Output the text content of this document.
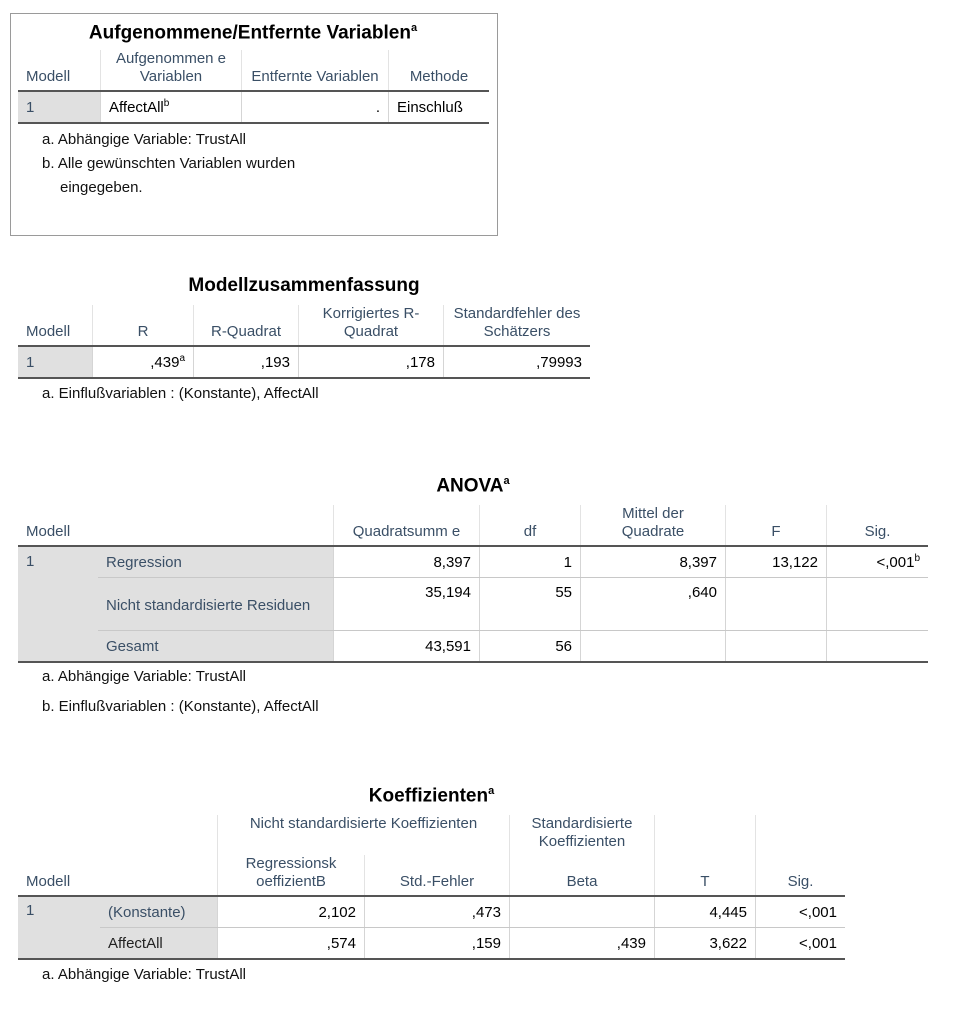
Aufgenommene/Entfernte Variablen$^a$
Modell	Aufgenommen e Variablen	Entfernte Variablen	Methode
1	AffectAll$^b$	.	Einschluß
a. Abhängige Variable: TrustAll
b. Alle gewünschten Variablen wurden eingegeben.
Modellzusammenfassung
Modell	R	R-Quadrat	Korrigiertes R-Quadrat	Standardfehler des Schätzers
1	,439$^a$	,193	,178	,79993
a. Einflußvariablen : (Konstante), AffectAll
ANOVA$^a$
Modell		Quadratsumm e	df	Mittel der Quadrate	F	Sig.
1	Regression	8,397	1	8,397	13,122	<,001$^b$
	Nicht standardisierte Residuen	35,194	55	,640		
	Gesamt	43,591	56			
a. Abhängige Variable: TrustAll
b. Einflußvariablen : (Konstante), AffectAll
Koeffizienten$^a$
		Nicht standardisierte Koeffizienten		Standardisierte Koeffizienten		
Modell		Regressionsk oeffizientB	Std.-Fehler	Beta	T	Sig.
1	(Konstante)	2,102	,473		4,445	<,001
	AffectAll	,574	,159	,439	3,622	<,001
a. Abhängige Variable: TrustAll
